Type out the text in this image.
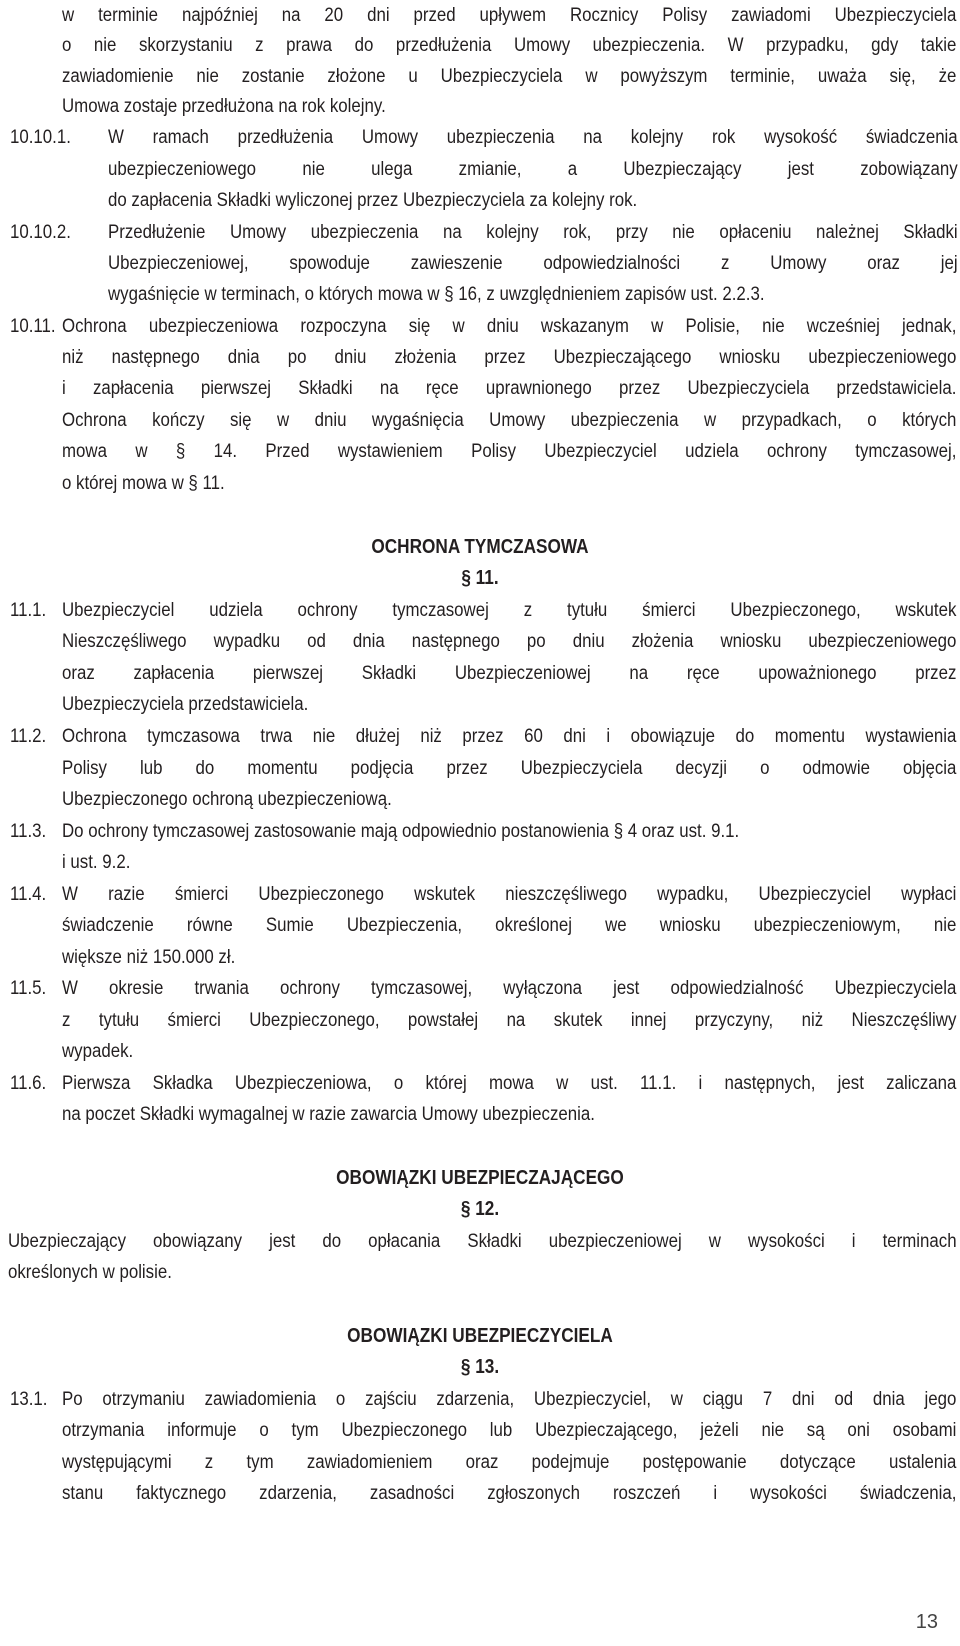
w terminie najpóźniej na 20 dni przed upływem Rocznicy Polisy zawiadomi Ubezpieczyciela
o nie skorzystaniu z prawa do przedłużenia Umowy ubezpieczenia. W przypadku, gdy takie
zawiadomienie nie zostanie złożone u Ubezpieczyciela w powyższym terminie, uważa się, że
Umowa zostaje przedłużona na rok kolejny.
10.10.1. W ramach przedłużenia Umowy ubezpieczenia na kolejny rok wysokość świadczenia
ubezpieczeniowego nie ulega zmianie, a Ubezpieczający jest zobowiązany
do zapłacenia Składki wyliczonej przez Ubezpieczyciela za kolejny rok.
10.10.2. Przedłużenie Umowy ubezpieczenia na kolejny rok, przy nie opłaceniu należnej Składki
Ubezpieczeniowej, spowoduje zawieszenie odpowiedzialności z Umowy oraz jej
wygaśnięcie w terminach, o których mowa w § 16, z uwzględnieniem zapisów ust. 2.2.3.
10.11. Ochrona ubezpieczeniowa rozpoczyna się w dniu wskazanym w Polisie, nie wcześniej jednak,
niż następnego dnia po dniu złożenia przez Ubezpieczającego wniosku ubezpieczeniowego
i zapłacenia pierwszej Składki na ręce uprawnionego przez Ubezpieczyciela przedstawiciela.
Ochrona kończy się w dniu wygaśnięcia Umowy ubezpieczenia w przypadkach, o których
mowa w § 14. Przed wystawieniem Polisy Ubezpieczyciel udziela ochrony tymczasowej,
o której mowa w § 11.
OCHRONA TYMCZASOWA
§ 11.
11.1. Ubezpieczyciel udziela ochrony tymczasowej z tytułu śmierci Ubezpieczonego, wskutek
Nieszczęśliwego wypadku od dnia następnego po dniu złożenia wniosku ubezpieczeniowego
oraz zapłacenia pierwszej Składki Ubezpieczeniowej na ręce upoważnionego przez
Ubezpieczyciela przedstawiciela.
11.2. Ochrona tymczasowa trwa nie dłużej niż przez 60 dni i obowiązuje do momentu wystawienia
Polisy lub do momentu podjęcia przez Ubezpieczyciela decyzji o odmowie objęcia
Ubezpieczonego ochroną ubezpieczeniową.
11.3. Do ochrony tymczasowej zastosowanie mają odpowiednio postanowienia § 4 oraz ust. 9.1.
i ust. 9.2.
11.4. W razie śmierci Ubezpieczonego wskutek nieszczęśliwego wypadku, Ubezpieczyciel wypłaci
świadczenie równe Sumie Ubezpieczenia, określonej we wniosku ubezpieczeniowym, nie
większe niż 150.000 zł.
11.5. W okresie trwania ochrony tymczasowej, wyłączona jest odpowiedzialność Ubezpieczyciela
z tytułu śmierci Ubezpieczonego, powstałej na skutek innej przyczyny, niż Nieszczęśliwy
wypadek.
11.6. Pierwsza Składka Ubezpieczeniowa, o której mowa w ust. 11.1. i następnych, jest zaliczana
na poczet Składki wymagalnej w razie zawarcia Umowy ubezpieczenia.
OBOWIĄZKI UBEZPIECZAJĄCEGO
§ 12.
Ubezpieczający obowiązany jest do opłacania Składki ubezpieczeniowej w wysokości i terminach
określonych w polisie.
OBOWIĄZKI UBEZPIECZYCIELA
§ 13.
13.1. Po otrzymaniu zawiadomienia o zajściu zdarzenia, Ubezpieczyciel, w ciągu 7 dni od dnia jego
otrzymania informuje o tym Ubezpieczonego lub Ubezpieczającego, jeżeli nie są oni osobami
występującymi z tym zawiadomieniem oraz podejmuje postępowanie dotyczące ustalenia
stanu faktycznego zdarzenia, zasadności zgłoszonych roszczeń i wysokości świadczenia,
13
